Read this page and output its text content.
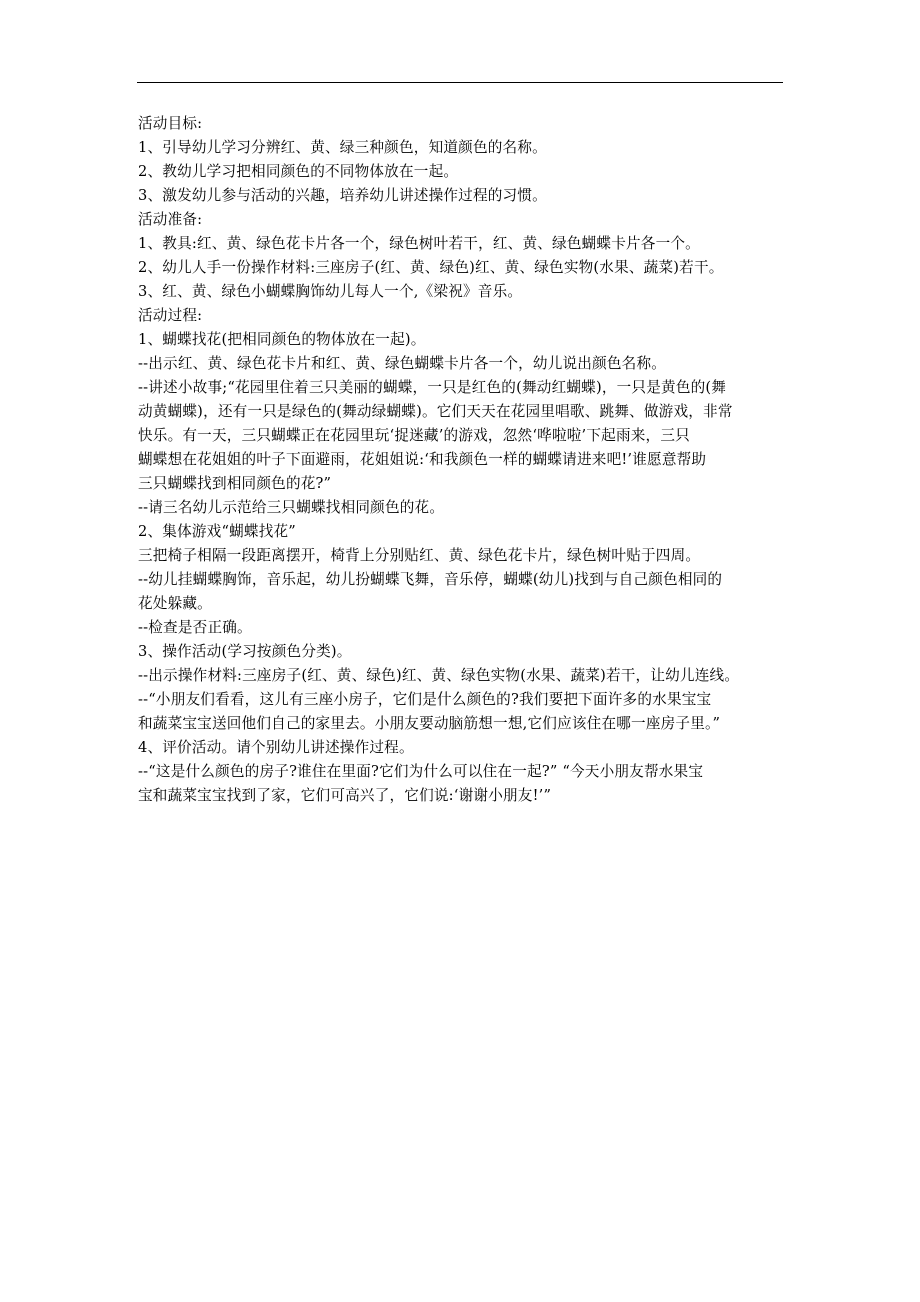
活动目标:
1、引导幼儿学习分辨红、黄、绿三种颜色，知道颜色的名称。
2、教幼儿学习把相同颜色的不同物体放在一起。
3、激发幼儿参与活动的兴趣，培养幼儿讲述操作过程的习惯。
活动准备:
1、教具:红、黄、绿色花卡片各一个，绿色树叶若干，红、黄、绿色蝴蝶卡片各一个。
2、幼儿人手一份操作材料:三座房子(红、黄、绿色)红、黄、绿色实物(水果、蔬菜)若干。
3、红、黄、绿色小蝴蝶胸饰幼儿每人一个,《梁祝》音乐。
活动过程:
1、蝴蝶找花(把相同颜色的物体放在一起)。
--出示红、黄、绿色花卡片和红、黄、绿色蝴蝶卡片各一个，幼儿说出颜色名称。
--讲述小故事;“花园里住着三只美丽的蝴蝶，一只是红色的(舞动红蝴蝶)，一只是黄色的(舞
动黄蝴蝶)，还有一只是绿色的(舞动绿蝴蝶)。它们天天在花园里唱歌、跳舞、做游戏，非常
快乐。有一天，三只蝴蝶正在花园里玩‘捉迷藏’的游戏，忽然‘哗啦啦’下起雨来，三只
蝴蝶想在花姐姐的叶子下面避雨，花姐姐说:‘和我颜色一样的蝴蝶请进来吧!’谁愿意帮助
三只蝴蝶找到相同颜色的花?”
--请三名幼儿示范给三只蝴蝶找相同颜色的花。
2、集体游戏“蝴蝶找花”
三把椅子相隔一段距离摆开，椅背上分别贴红、黄、绿色花卡片，绿色树叶贴于四周。
--幼儿挂蝴蝶胸饰，音乐起，幼儿扮蝴蝶飞舞，音乐停，蝴蝶(幼儿)找到与自己颜色相同的
花处躲藏。
--检查是否正确。
3、操作活动(学习按颜色分类)。
--出示操作材料:三座房子(红、黄、绿色)红、黄、绿色实物(水果、蔬菜)若干，让幼儿连线。
--“小朋友们看看，这儿有三座小房子，它们是什么颜色的?我们要把下面许多的水果宝宝
和蔬菜宝宝送回他们自己的家里去。小朋友要动脑筋想一想,它们应该住在哪一座房子里。”
4、评价活动。请个别幼儿讲述操作过程。
--“这是什么颜色的房子?谁住在里面?它们为什么可以住在一起?” “今天小朋友帮水果宝
宝和蔬菜宝宝找到了家，它们可高兴了，它们说:‘谢谢小朋友!’”
